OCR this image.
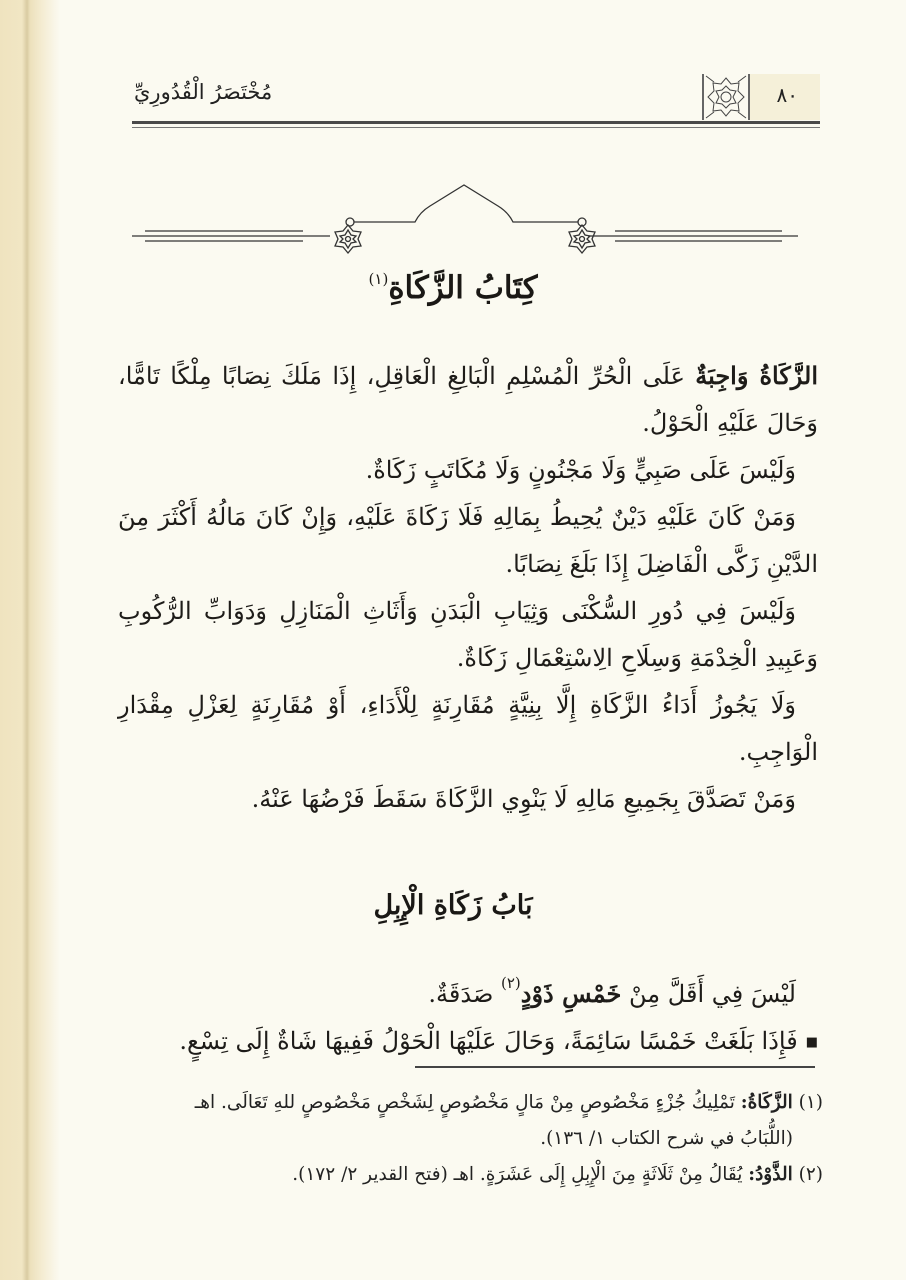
مُخْتَصَرُ الْقُدُورِيِّ	٨٠
كِتَابُ الزَّكَاةِ$^{(١)}$

الزَّكَاةُ وَاجِبَةٌ عَلَى الْحُرِّ الْمُسْلِمِ الْبَالِغِ الْعَاقِلِ، إِذَا مَلَكَ نِصَابًا مِلْكًا تَامًّا، وَحَالَ عَلَيْهِ الْحَوْلُ.

وَلَيْسَ عَلَى صَبِيٍّ وَلَا مَجْنُونٍ وَلَا مُكَاتَبٍ زَكَاةٌ.

وَمَنْ كَانَ عَلَيْهِ دَيْنٌ يُحِيطُ بِمَالِهِ فَلَا زَكَاةَ عَلَيْهِ، وَإِنْ كَانَ مَالُهُ أَكْثَرَ مِنَ الدَّيْنِ زَكَّى الْفَاضِلَ إِذَا بَلَغَ نِصَابًا.

وَلَيْسَ فِي دُورِ السُّكْنَى وَثِيَابِ الْبَدَنِ وَأَثَاثِ الْمَنَازِلِ وَدَوَابِّ الرُّكُوبِ وَعَبِيدِ الْخِدْمَةِ وَسِلَاحِ الِاسْتِعْمَالِ زَكَاةٌ.

وَلَا يَجُوزُ أَدَاءُ الزَّكَاةِ إِلَّا بِنِيَّةٍ مُقَارِنَةٍ لِلْأَدَاءِ، أَوْ مُقَارِنَةٍ لِعَزْلِ مِقْدَارِ الْوَاجِبِ.

وَمَنْ تَصَدَّقَ بِجَمِيعِ مَالِهِ لَا يَنْوِي الزَّكَاةَ سَقَطَ فَرْضُهَا عَنْهُ.

بَابُ زَكَاةِ الْإِبِلِ

لَيْسَ فِي أَقَلَّ مِنْ خَمْسِ ذَوْدٍ$^{(٢)}$ صَدَقَةٌ.

■فَإِذَا بَلَغَتْ خَمْسًا سَائِمَةً، وَحَالَ عَلَيْهَا الْحَوْلُ فَفِيهَا شَاةٌ إِلَى تِسْعٍ.

(١) الزَّكَاةُ: تَمْلِيكُ جُزْءٍ مَخْصُوصٍ مِنْ مَالٍ مَخْصُوصٍ لِشَخْصٍ مَخْصُوصٍ للهِ تَعَالَى. اهـ

(اللُّبَابُ في شرح الكتاب ١/ ١٣٦).

(٢) الذَّوْدُ: يُقَالُ مِنْ ثَلَاثَةٍ مِنَ الْإِبِلِ إِلَى عَشَرَةٍ. اهـ (فتح القدير ٢/ ١٧٢).
